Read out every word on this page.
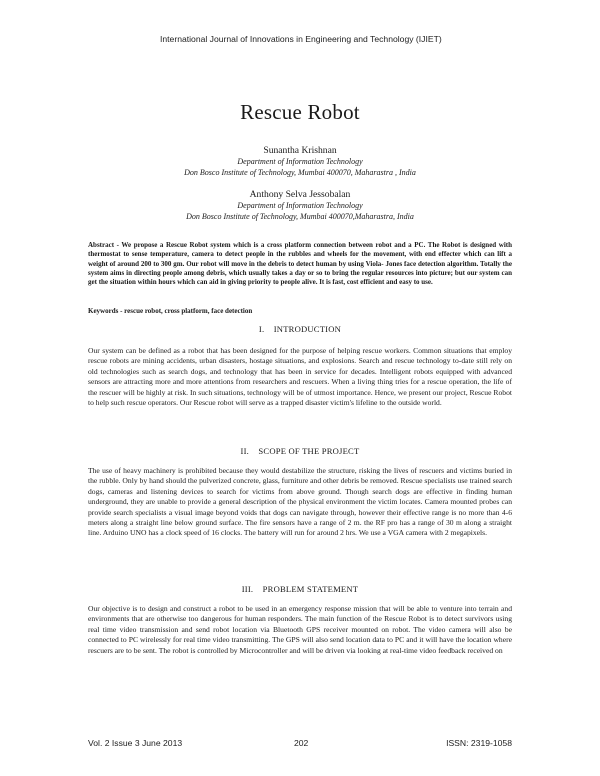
International Journal of Innovations in Engineering and Technology (IJIET)
Rescue Robot
Sunantha Krishnan
Department of Information Technology
Don Bosco Institute of Technology, Mumbai 400070, Maharastra , India
Anthony Selva Jessobalan
Department of Information Technology
Don Bosco Institute of Technology, Mumbai 400070,Maharastra, India
Abstract - We propose a Rescue Robot system which is a cross platform connection between robot and a PC. The Robot is designed with thermostat to sense temperature, camera to detect people in the rubbles and wheels for the movement, with end effecter which can lift a weight of around 200 to 300 gm. Our robot will move in the debris to detect human by using Viola- Jones face detection algorithm. Totally the system aims in directing people among debris, which usually takes a day or so to bring the regular resources into picture; but our system can get the situation within hours which can aid in giving priority to people alive. It is fast, cost efficient and easy to use.
Keywords - rescue robot, cross platform, face detection
I.    INTRODUCTION
Our system can be defined as a robot that has been designed for the purpose of helping rescue workers. Common situations that employ rescue robots are mining accidents, urban disasters, hostage situations, and explosions. Search and rescue technology to-date still rely on old technologies such as search dogs, and technology that has been in service for decades. Intelligent robots equipped with advanced sensors are attracting more and more attentions from researchers and rescuers. When a living thing tries for a rescue operation, the life of the rescuer will be highly at risk. In such situations, technology will be of utmost importance. Hence, we present our project, Rescue Robot to help such rescue operators. Our Rescue robot will serve as a trapped disaster victim's lifeline to the outside world.
II.    SCOPE OF THE PROJECT
The use of heavy machinery is prohibited because they would destabilize the structure, risking the lives of rescuers and victims buried in the rubble. Only by hand should the pulverized concrete, glass, furniture and other debris be removed. Rescue specialists use trained search dogs, cameras and listening devices to search for victims from above ground. Though search dogs are effective in finding human underground, they are unable to provide a general description of the physical environment the victim locates. Camera mounted probes can provide search specialists a visual image beyond voids that dogs can navigate through, however their effective range is no more than 4-6 meters along a straight line below ground surface. The fire sensors have a range of 2 m. the RF pro has a range of 30 m along a straight line. Arduino UNO has a clock speed of 16 clocks. The battery will run for around 2 hrs. We use a VGA camera with 2 megapixels.
III.    PROBLEM STATEMENT
Our objective is to design and construct a robot to be used in an emergency response mission that will be able to venture into terrain and environments that are otherwise too dangerous for human responders. The main function of the Rescue Robot is to detect survivors using real time video transmission and send robot location via Bluetooth GPS receiver mounted on robot. The video camera will also be connected to PC wirelessly for real time video transmitting. The GPS will also send location data to PC and it will have the location where rescuers are to be sent. The robot is controlled by Microcontroller and will be driven via looking at real-time video feedback received on
Vol. 2 Issue 3 June 2013	202	ISSN: 2319-1058
